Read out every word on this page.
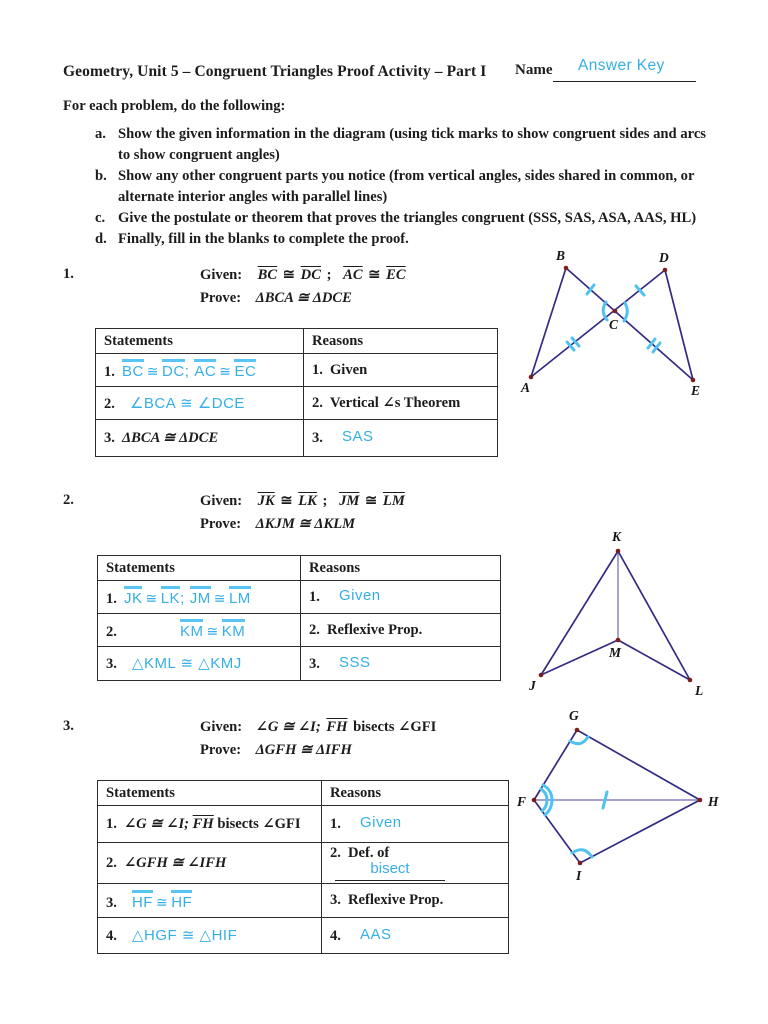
Geometry, Unit 5 – Congruent Triangles Proof Activity – Part I Name Answer Key
For each problem, do the following:
a. Show the given information in the diagram (using tick marks to show congruent sides and arcs to show congruent angles)
b. Show any other congruent parts you notice (from vertical angles, sides shared in common, or alternate interior angles with parallel lines)
c. Give the postulate or theorem that proves the triangles congruent (SSS, SAS, ASA, AAS, HL)
d. Finally, fill in the blanks to complete the proof.
1.	Given: $\overline{BC}$ ≅ $\overline{DC}$ ; $\overline{AC}$ ≅ $\overline{EC}$
Prove: ΔBCA ≅ ΔDCE
Statements	Reasons
1. BC ≅ DC; AC ≅ EC	1. Given
2. ∠BCA ≅ ∠DCE	2. Vertical ∠s Theorem
3. ΔBCA ≅ ΔDCE	3. SAS
B	D
C
A	E
2.	Given: $\overline{JK}$ ≅ $\overline{LK}$ ; $\overline{JM}$ ≅ $\overline{LM}$
Prove: ΔKJM ≅ ΔKLM
Statements	Reasons
1. JK ≅ LK; JM ≅ LM	1. Given
2. KM ≅ KM	2. Reflexive Prop.
3. △KML ≅ △KMJ	3. SSS
K
J	L
M
3.	Given: ∠G ≅ ∠I; $\overline{FH}$ bisects ∠GFI
Prove: ΔGFH ≅ ΔIFH
Statements	Reasons
1. ∠G ≅ ∠I; $\overline{FH}$ bisects ∠GFI	1. Given
2. ∠GFH ≅ ∠IFH	2. Def. ofbisect
3. HF ≅ HF	3. Reflexive Prop.
4. △HGF ≅ △HIF	4. AAS
G
F	H
I
